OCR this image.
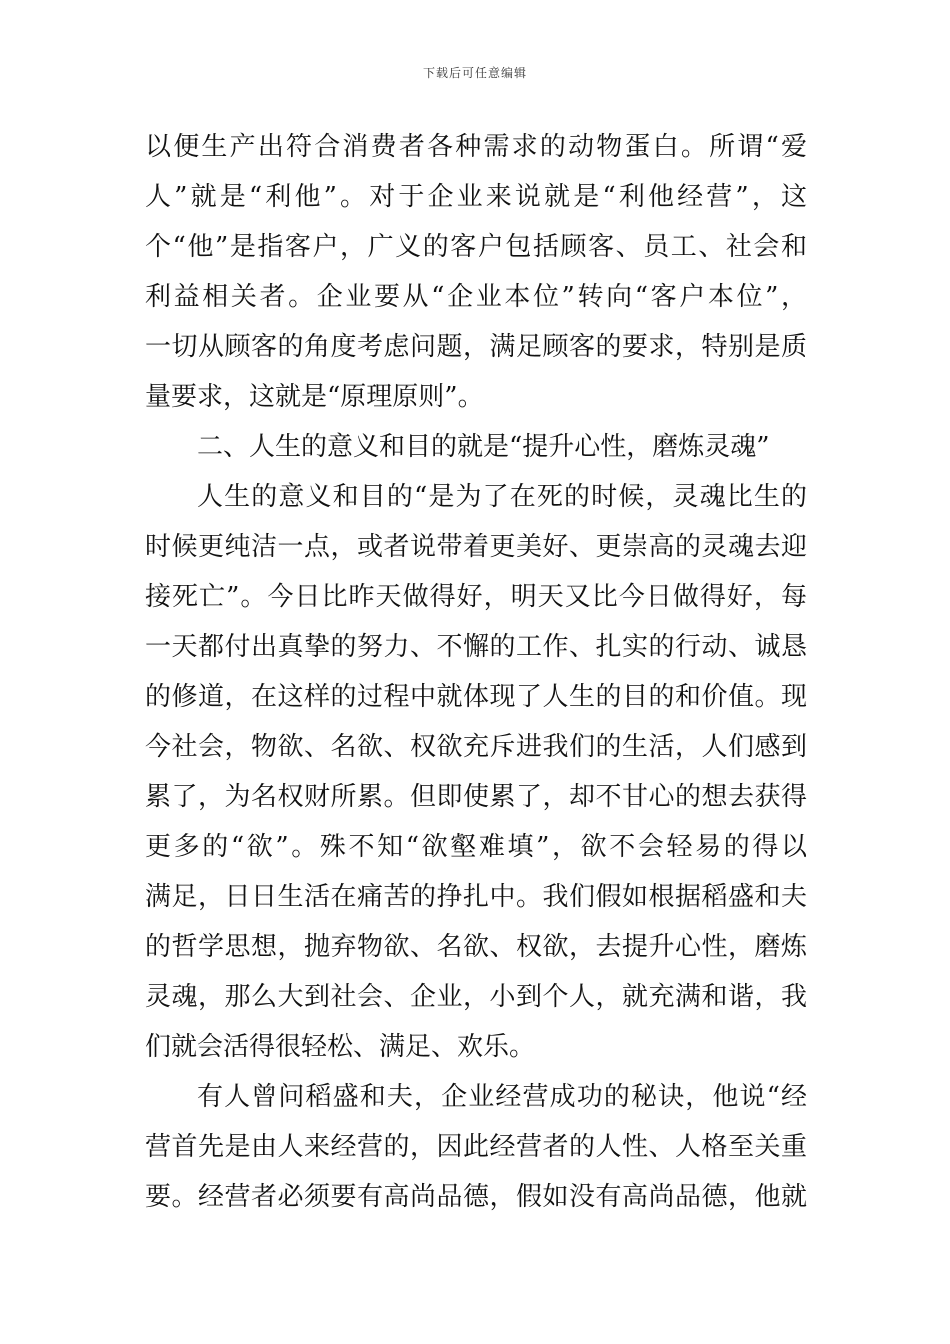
下载后可任意编辑
以便生产出符合消费者各种需求的动物蛋白。所谓“爱
人”就是“利他”。对于企业来说就是“利他经营”，这
个“他”是指客户，广义的客户包括顾客、员工、社会和
利益相关者。企业要从“企业本位”转向“客户本位”，
一切从顾客的角度考虑问题，满足顾客的要求，特别是质
量要求，这就是“原理原则”。
二、人生的意义和目的就是“提升心性，磨炼灵魂”
人生的意义和目的“是为了在死的时候，灵魂比生的
时候更纯洁一点，或者说带着更美好、更崇高的灵魂去迎
接死亡”。今日比昨天做得好，明天又比今日做得好，每
一天都付出真挚的努力、不懈的工作、扎实的行动、诚恳
的修道，在这样的过程中就体现了人生的目的和价值。现
今社会，物欲、名欲、权欲充斥进我们的生活，人们感到
累了，为名权财所累。但即使累了，却不甘心的想去获得
更多的“欲”。殊不知“欲壑难填”，欲不会轻易的得以
满足，日日生活在痛苦的挣扎中。我们假如根据稻盛和夫
的哲学思想，抛弃物欲、名欲、权欲，去提升心性，磨炼
灵魂，那么大到社会、企业，小到个人，就充满和谐，我
们就会活得很轻松、满足、欢乐。
有人曾问稻盛和夫，企业经营成功的秘诀，他说“经
营首先是由人来经营的，因此经营者的人性、人格至关重
要。经营者必须要有高尚品德，假如没有高尚品德，他就
